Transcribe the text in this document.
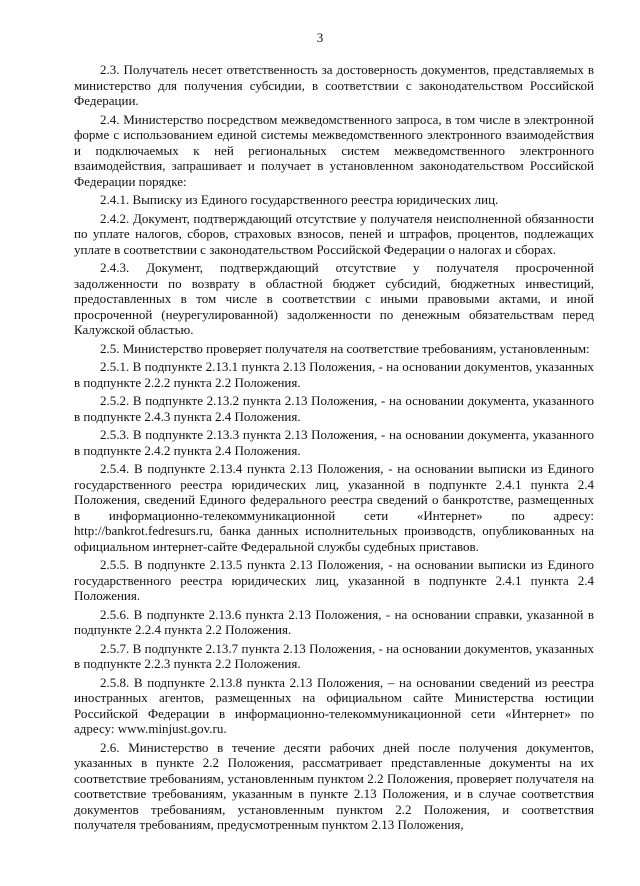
3

2.3. Получатель несет ответственность за достоверность документов, представляемых в министерство для получения субсидии, в соответствии с законодательством Российской Федерации.

2.4. Министерство посредством межведомственного запроса, в том числе в электронной форме с использованием единой системы межведомственного электронного взаимодействия и подключаемых к ней региональных систем межведомственного электронного взаимодействия, запрашивает и получает в установленном законодательством Российской Федерации порядке:

2.4.1. Выписку из Единого государственного реестра юридических лиц.

2.4.2. Документ, подтверждающий отсутствие у получателя неисполненной обязанности по уплате налогов, сборов, страховых взносов, пеней и штрафов, процентов, подлежащих уплате в соответствии с законодательством Российской Федерации о налогах и сборах.

2.4.3. Документ, подтверждающий отсутствие у получателя просроченной задолженности по возврату в областной бюджет субсидий, бюджетных инвестиций, предоставленных в том числе в соответствии с иными правовыми актами, и иной просроченной (неурегулированной) задолженности по денежным обязательствам перед Калужской областью.

2.5. Министерство проверяет получателя на соответствие требованиям, установленным:

2.5.1. В подпункте 2.13.1 пункта 2.13 Положения, - на основании документов, указанных в подпункте 2.2.2 пункта 2.2 Положения.

2.5.2. В подпункте 2.13.2 пункта 2.13 Положения, - на основании документа, указанного в подпункте 2.4.3 пункта 2.4 Положения.

2.5.3. В подпункте 2.13.3 пункта 2.13 Положения, - на основании документа, указанного в подпункте 2.4.2 пункта 2.4 Положения.

2.5.4. В подпункте 2.13.4 пункта 2.13 Положения, - на основании выписки из Единого государственного реестра юридических лиц, указанной в подпункте 2.4.1 пункта 2.4 Положения, сведений Единого федерального реестра сведений о банкротстве, размещенных в информационно-телекоммуникационной сети «Интернет» по адресу: http://bankrot.fedresurs.ru, банка данных исполнительных производств, опубликованных на официальном интернет-сайте Федеральной службы судебных приставов.

2.5.5. В подпункте 2.13.5 пункта 2.13 Положения, - на основании выписки из Единого государственного реестра юридических лиц, указанной в подпункте 2.4.1 пункта 2.4 Положения.

2.5.6. В подпункте 2.13.6 пункта 2.13 Положения, - на основании справки, указанной в подпункте 2.2.4 пункта 2.2 Положения.

2.5.7. В подпункте 2.13.7 пункта 2.13 Положения, - на основании документов, указанных в подпункте 2.2.3 пункта 2.2 Положения.

2.5.8. В подпункте 2.13.8 пункта 2.13 Положения, – на основании сведений из реестра иностранных агентов, размещенных на официальном сайте Министерства юстиции Российской Федерации в информационно-телекоммуникационной сети «Интернет» по адресу: www.minjust.gov.ru.

2.6. Министерство в течение десяти рабочих дней после получения документов, указанных в пункте 2.2 Положения, рассматривает представленные документы на их соответствие требованиям, установленным пунктом 2.2 Положения, проверяет получателя на соответствие требованиям, указанным в пункте 2.13 Положения, и в случае соответствия документов требованиям, установленным пунктом 2.2 Положения, и соответствия получателя требованиям, предусмотренным пунктом 2.13 Положения,
